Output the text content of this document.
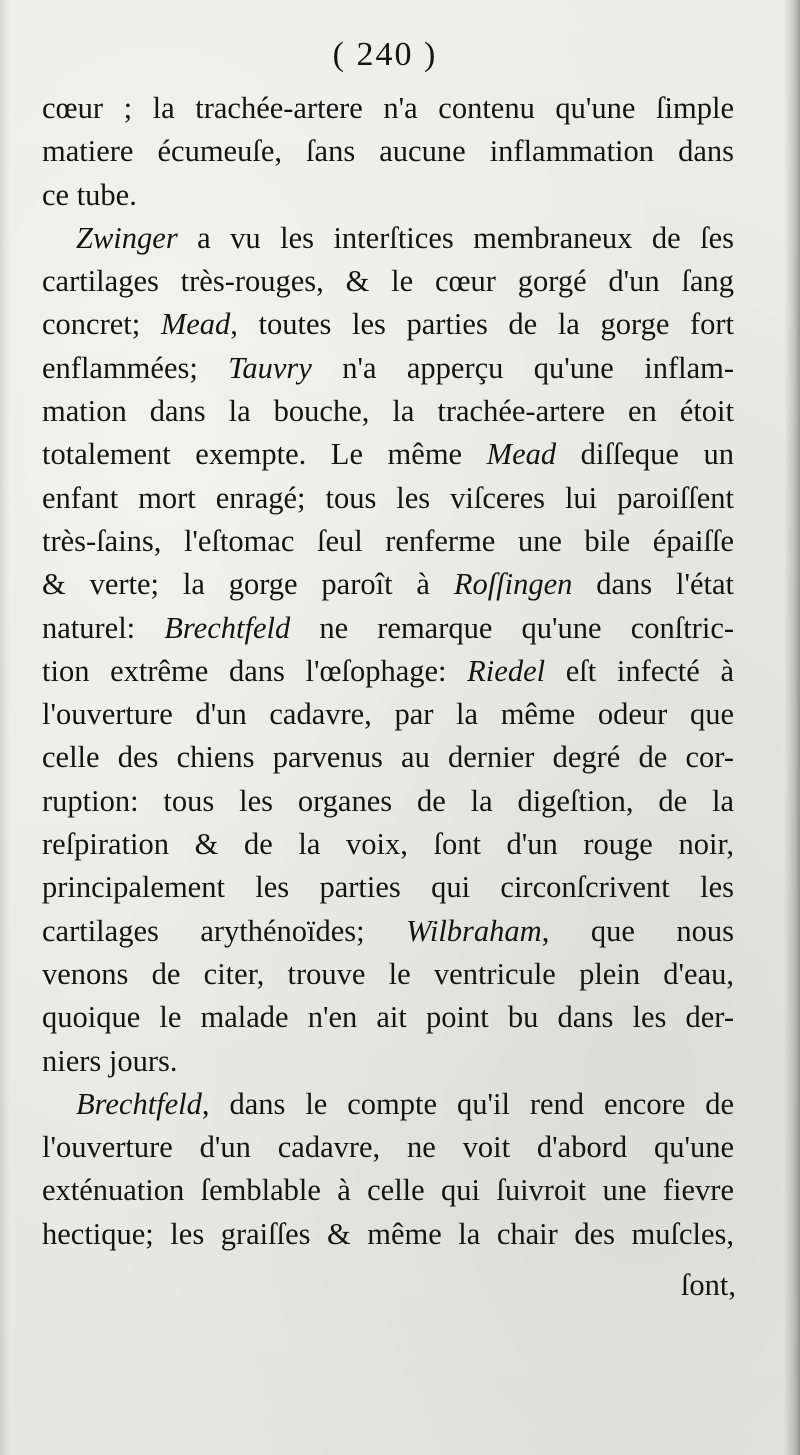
( 240 )
cœur ; la trachée-artere n'a contenu qu'une ſimple
matiere écumeuſe, ſans aucune inflammation dans
ce tube.
Zwinger a vu les interſtices membraneux de ſes
cartilages très-rouges, & le cœur gorgé d'un ſang
concret; Mead, toutes les parties de la gorge fort
enflammées; Tauvry n'a apperçu qu'une inflam-
mation dans la bouche, la trachée-artere en étoit
totalement exempte. Le même Mead diſſeque un
enfant mort enragé; tous les viſceres lui paroiſſent
très-ſains, l'eſtomac ſeul renferme une bile épaiſſe
& verte; la gorge paroît à Roſſingen dans l'état
naturel: Brechtfeld ne remarque qu'une conſtric-
tion extrême dans l'œſophage: Riedel eſt infecté à
l'ouverture d'un cadavre, par la même odeur que
celle des chiens parvenus au dernier degré de cor-
ruption: tous les organes de la digeſtion, de la
reſpiration & de la voix, ſont d'un rouge noir,
principalement les parties qui circonſcrivent les
cartilages arythénoïdes; Wilbraham, que nous
venons de citer, trouve le ventricule plein d'eau,
quoique le malade n'en ait point bu dans les der-
niers jours.
Brechtfeld, dans le compte qu'il rend encore de
l'ouverture d'un cadavre, ne voit d'abord qu'une
exténuation ſemblable à celle qui ſuivroit une fievre
hectique; les graiſſes & même la chair des muſcles,
ſont,
